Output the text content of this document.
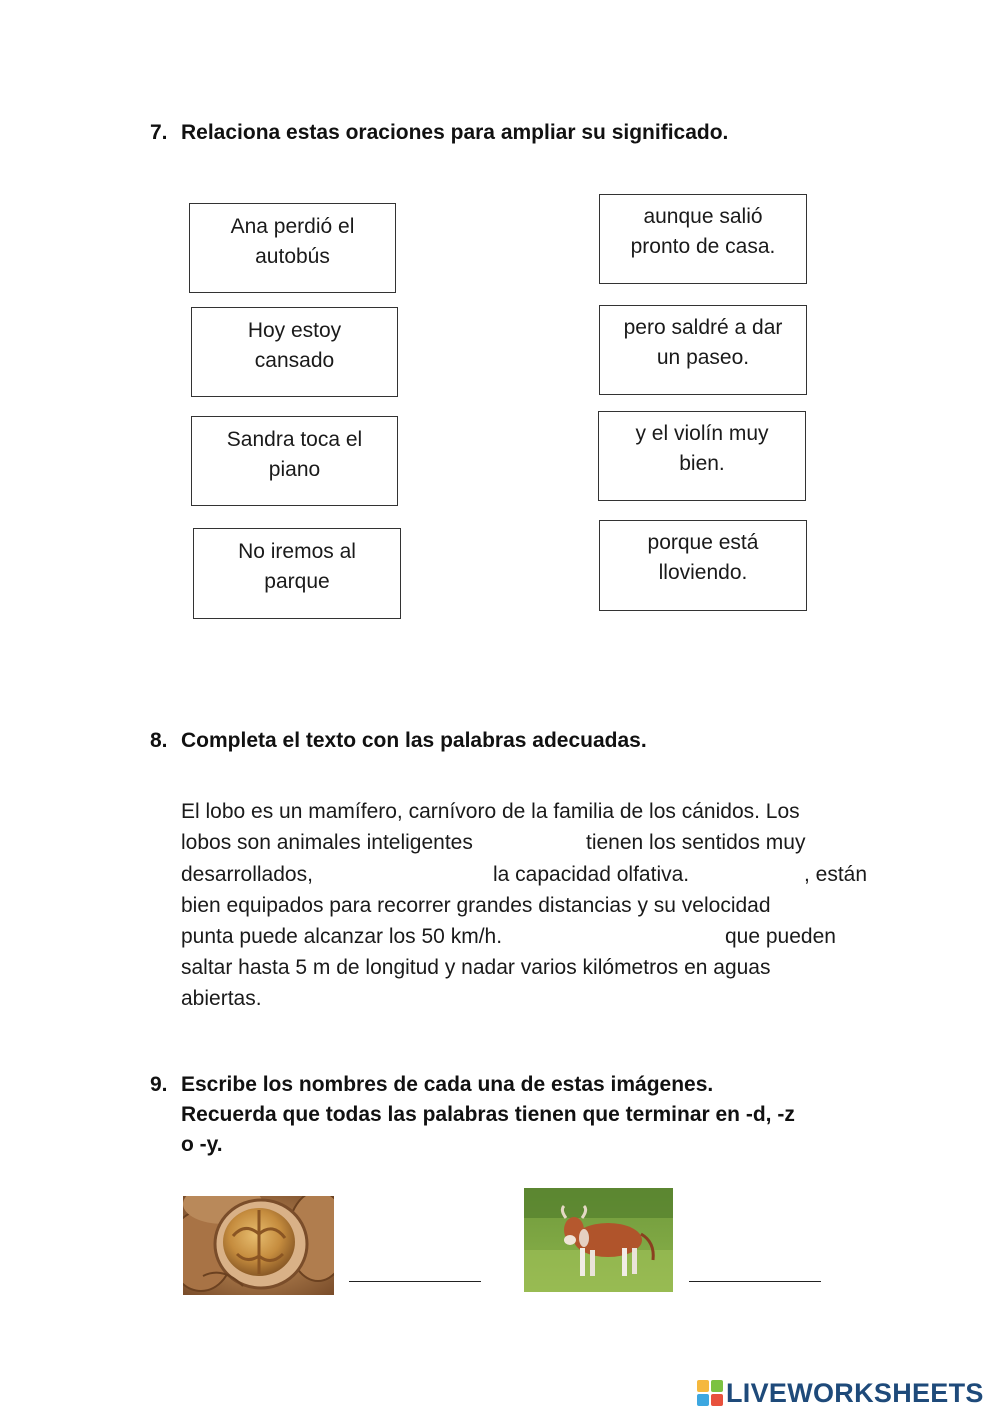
7. Relaciona estas oraciones para ampliar su significado.
Ana perdió el autobús
Hoy estoy cansado
Sandra toca el piano
No iremos al parque
aunque salió pronto de casa.
pero saldré a dar un paseo.
y el violín muy bien.
porque está lloviendo.
8. Completa el texto con las palabras adecuadas.
El lobo es un mamífero, carnívoro de la familia de los cánidos. Los
lobos son animales inteligentes	tienen los sentidos muy
desarrollados,	la capacidad olfativa.	, están
bien equipados para recorrer grandes distancias y su velocidad
punta puede alcanzar los 50 km/h.	que pueden
saltar hasta 5 m de longitud y nadar varios kilómetros en aguas
abiertas.
9. Escribe los nombres de cada una de estas imágenes.
Recuerda que todas las palabras tienen que terminar en -d, -z
o -y.
LIVEWORKSHEETS
